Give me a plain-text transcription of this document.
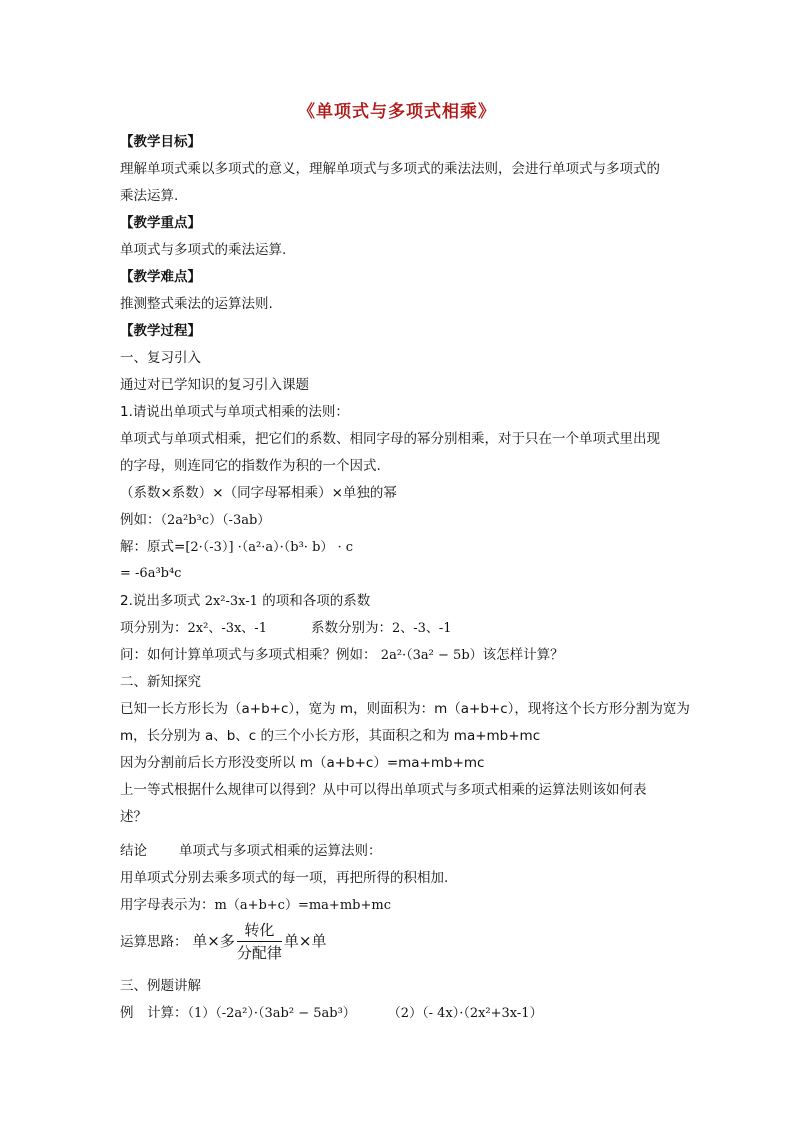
《单项式与多项式相乘》
【教学目标】
理解单项式乘以多项式的意义，理解单项式与多项式的乘法法则，会进行单项式与多项式的
乘法运算.
【教学重点】
单项式与多项式的乘法运算.
【教学难点】
推测整式乘法的运算法则.
【教学过程】
一、复习引入
通过对已学知识的复习引入课题
1.请说出单项式与单项式相乘的法则：
单项式与单项式相乘，把它们的系数、相同字母的幂分别相乘，对于只在一个单项式里出现
的字母，则连同它的指数作为积的一个因式.
（系数×系数）×（同字母幂相乘）×单独的幂
例如：（2a²b³c）（-3ab）
解：原式=[2·（-3）] ·（a²·a）·（b³· b） · c
= -6a³b⁴c
2.说出多项式 2x²-3x-1 的项和各项的系数
项分别为：2x²、-3x、-1	系数分别为：2、-3、-1
问：如何计算单项式与多项式相乘？例如： 2a²·（3a² − 5b）该怎样计算？
二、新知探究
已知一长方形长为（a+b+c），宽为 m，则面积为：m（a+b+c），现将这个长方形分割为宽为
m，长分别为 a、b、c 的三个小长方形，其面积之和为 ma+mb+mc
因为分割前后长方形没变所以 m（a+b+c）=ma+mb+mc
上一等式根据什么规律可以得到？从中可以得出单项式与多项式相乘的运算法则该如何表
述？
结论 单项式与多项式相乘的运算法则：
用单项式分别去乘多项式的每一项，再把所得的积相加.
用字母表示为：m（a+b+c）=ma+mb+mc
运算思路： 单×多 $\frac{\text{转化}}{\text{分配律}}$ 单×单
三、例题讲解
例　计算：（1）（-2a²）·（3ab² − 5ab³） （2）（- 4x）·（2x²+3x-1）
